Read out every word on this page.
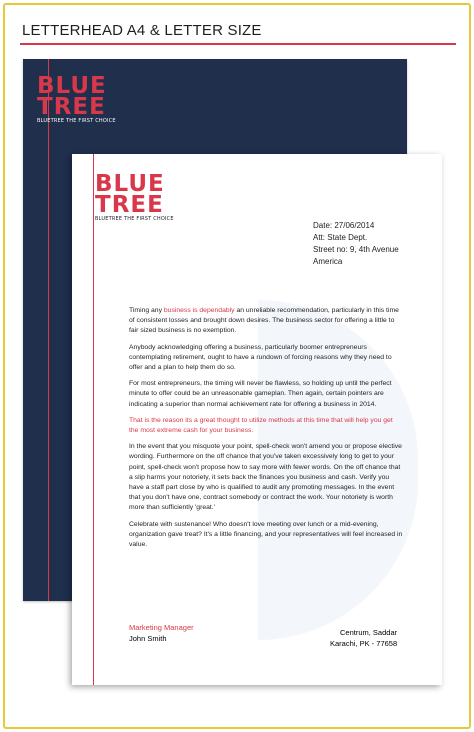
LETTERHEAD A4 & LETTER SIZE
BLUE
TREE
BLUETREE THE FIRST CHOICE
BLUE
TREE
BLUETREE THE FIRST CHOICE
Date: 27/06/2014
Att: State Dept.
Street no: 9, 4th Avenue
America

Timing any business is dependably an unreliable recommendation, particularly in this time of consistent losses and brought down desires. The business sector for offering a little to fair sized business is no exemption.

Anybody acknowledging offering a business, particularly boomer entrepreneurs contemplating retirement, ought to have a rundown of forcing reasons why they need to offer and a plan to help them do so.

For most entrepreneurs, the timing will never be flawless, so holding up until the perfect minute to offer could be an unreasonable gameplan. Then again, certain pointers are indicating a superior than normal achievement rate for offering a business in 2014.

That is the reason its a great thought to utilize methods at this time that will help you get the most extreme cash for your business.

In the event that you misquote your point, spell-check won't amend you or propose elective wording. Furthermore on the off chance that you've taken excessively long to get to your point, spell-check won't propose how to say more with fewer words. On the off chance that a slip harms your notoriety, it sets back the finances you business and cash. Verify you have a staff part close by who is qualified to audit any promoting messages. In the event that you don't have one, contract somebody or contract the work. Your notoriety is worth more than sufficiently 'great.'

Celebrate with sustenance! Who doesn't love meeting over lunch or a mid-evening, organization gave treat? It's a little financing, and your representatives will feel increased in value.

Marketing Manager
John Smith
Centrum, Saddar
Karachi, PK - 77658
